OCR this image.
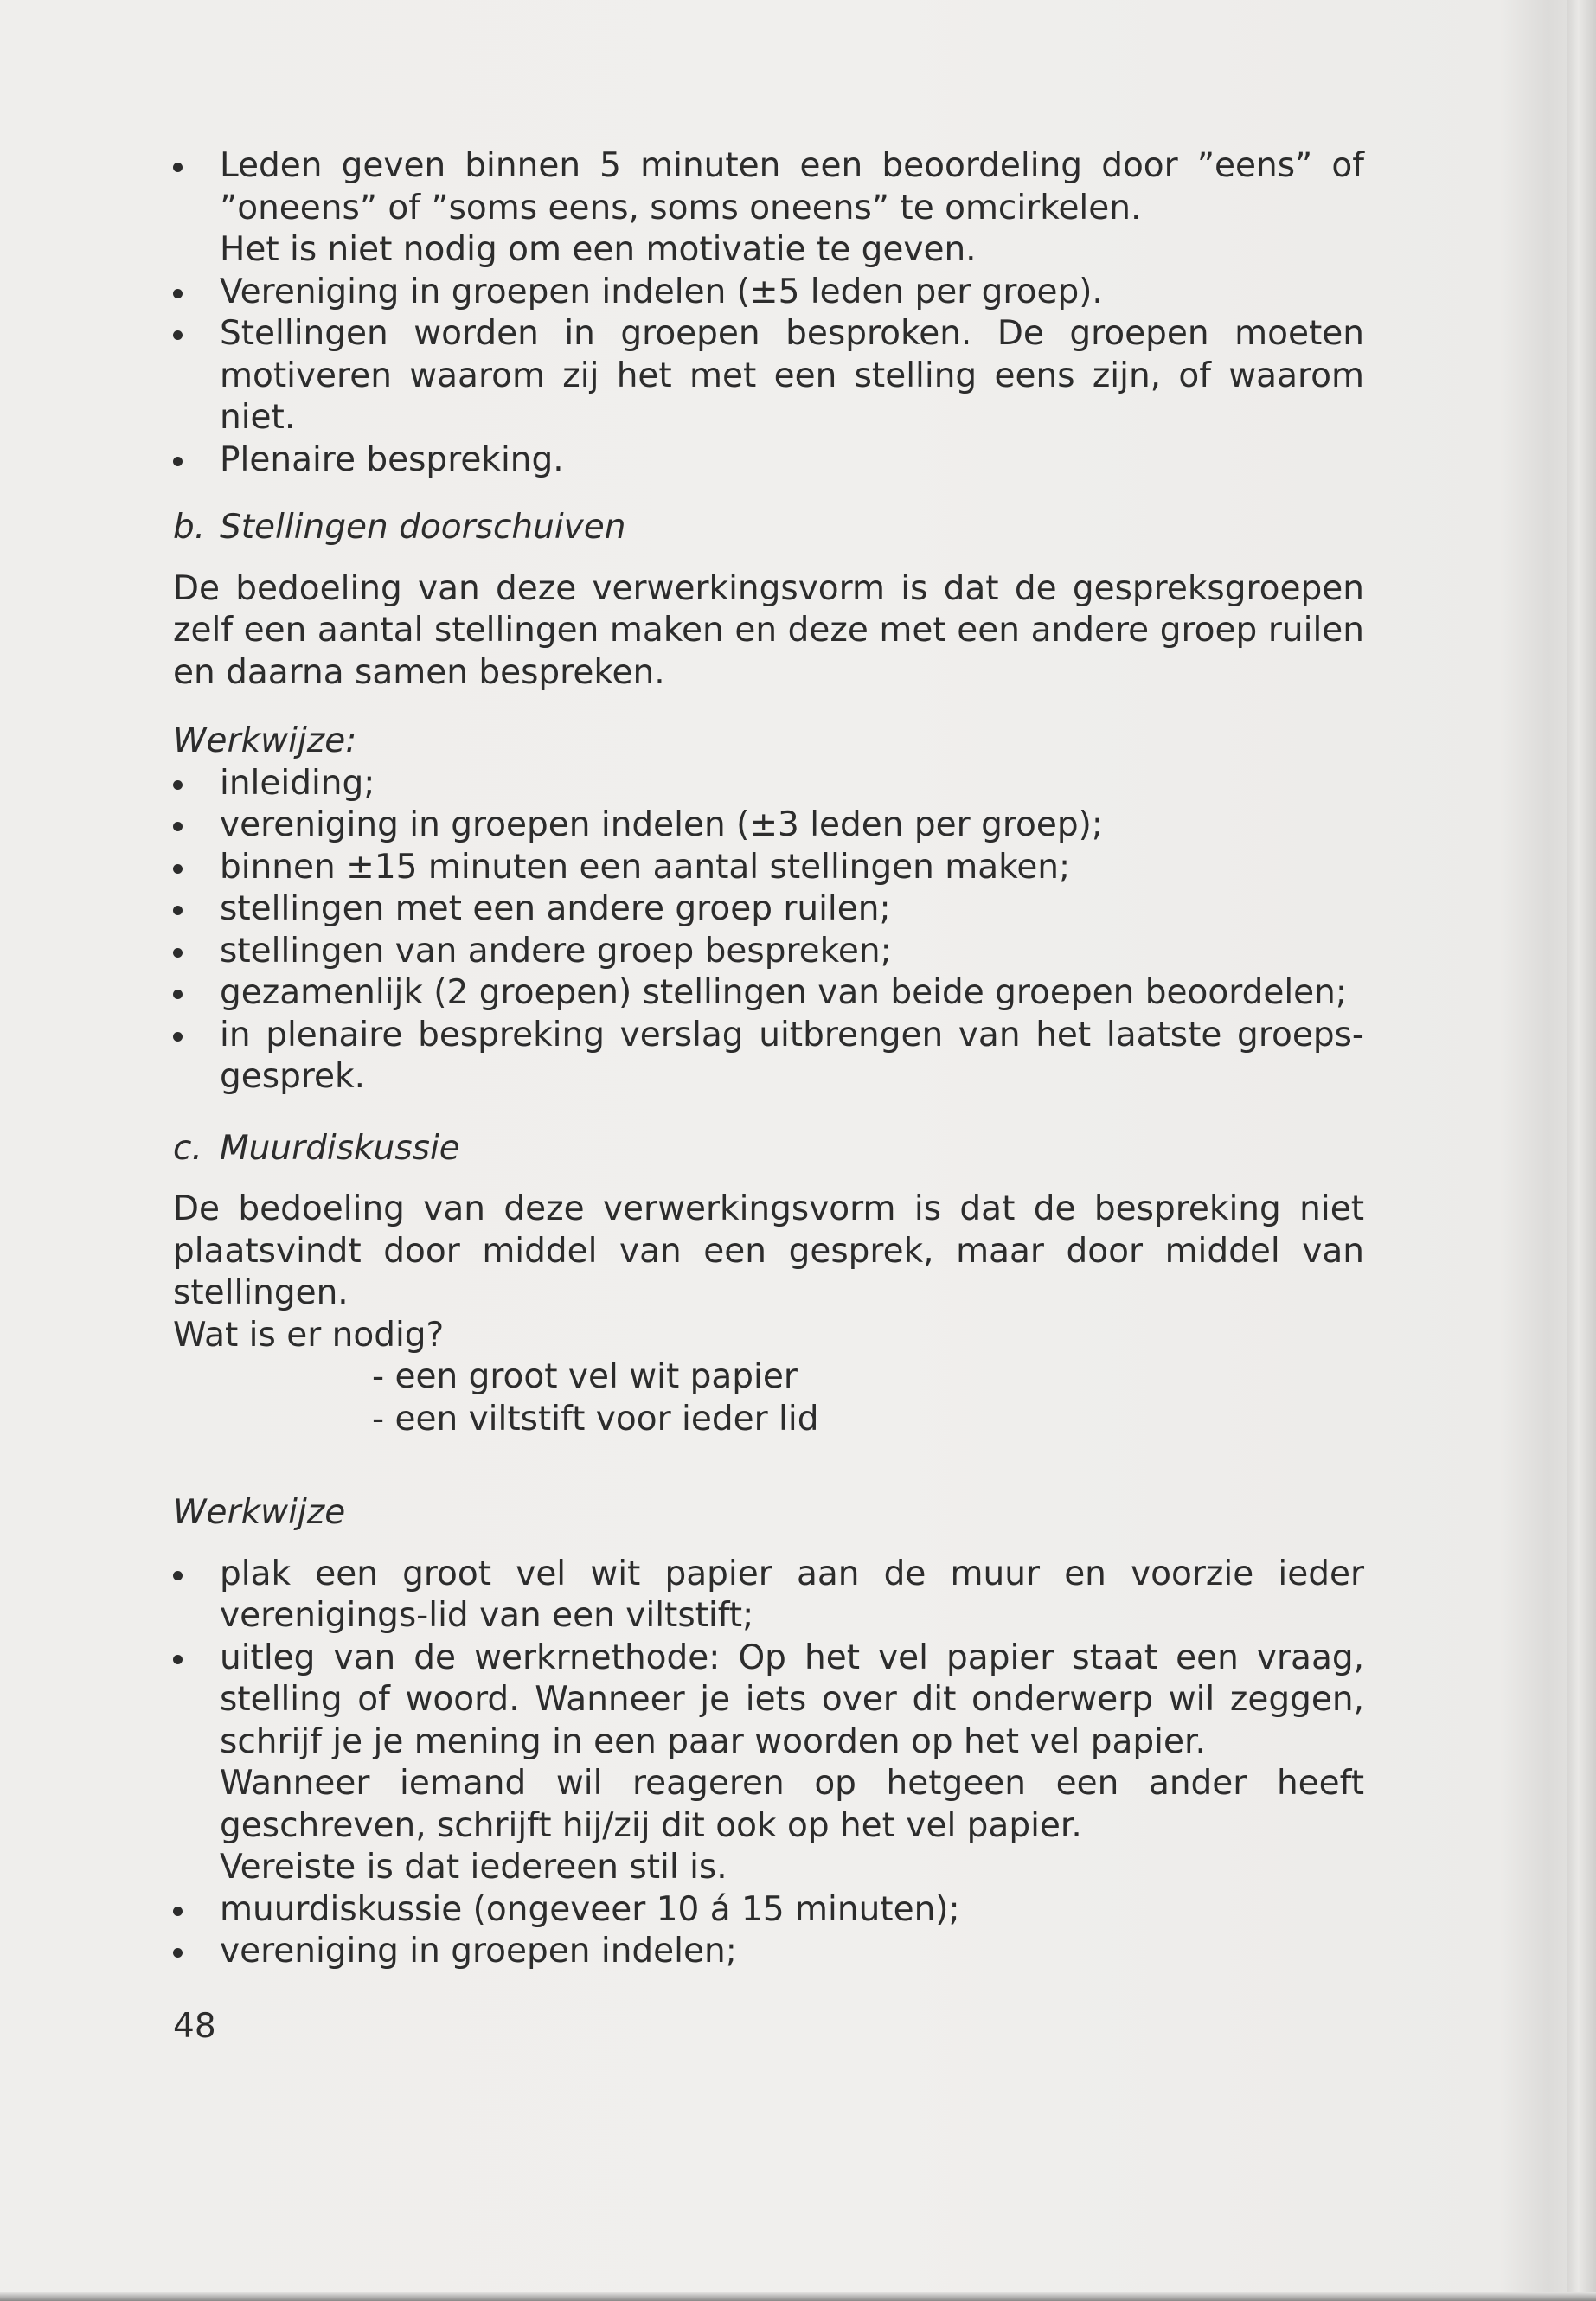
Leden geven binnen 5 minuten een beoordeling door ”eens” of ”oneens” of ”soms eens, soms oneens” te omcirkelen.
Het is niet nodig om een motivatie te geven.
Vereniging in groepen indelen (±5 leden per groep).
Stellingen worden in groepen besproken. De groepen moeten motiveren waarom zij het met een stelling eens zijn, of waarom niet.
Plenaire bespreking.
b. Stellingen doorschuiven
De bedoeling van deze verwerkingsvorm is dat de gespreksgroepen zelf een aantal stellingen maken en deze met een andere groep ruilen en daarna samen bespreken.
Werkwijze:
inleiding;
vereniging in groepen indelen (±3 leden per groep);
binnen ±15 minuten een aantal stellingen maken;
stellingen met een andere groep ruilen;
stellingen van andere groep bespreken;
gezamenlijk (2 groepen) stellingen van beide groepen beoordelen;
in plenaire bespreking verslag uitbrengen van het laatste groeps-gesprek.
c. Muurdiskussie
De bedoeling van deze verwerkingsvorm is dat de bespreking niet plaatsvindt door middel van een gesprek, maar door middel van stellingen.
Wat is er nodig?
- een groot vel wit papier
- een viltstift voor ieder lid
Werkwijze
plak een groot vel wit papier aan de muur en voorzie ieder verenigings-lid van een viltstift;
uitleg van de werkrnethode: Op het vel papier staat een vraag, stelling of woord. Wanneer je iets over dit onderwerp wil zeggen, schrijf je je mening in een paar woorden op het vel papier.
Wanneer iemand wil reageren op hetgeen een ander heeft geschreven, schrijft hij/zij dit ook op het vel papier.
Vereiste is dat iedereen stil is.
muurdiskussie (ongeveer 10 á 15 minuten);
vereniging in groepen indelen;
48
